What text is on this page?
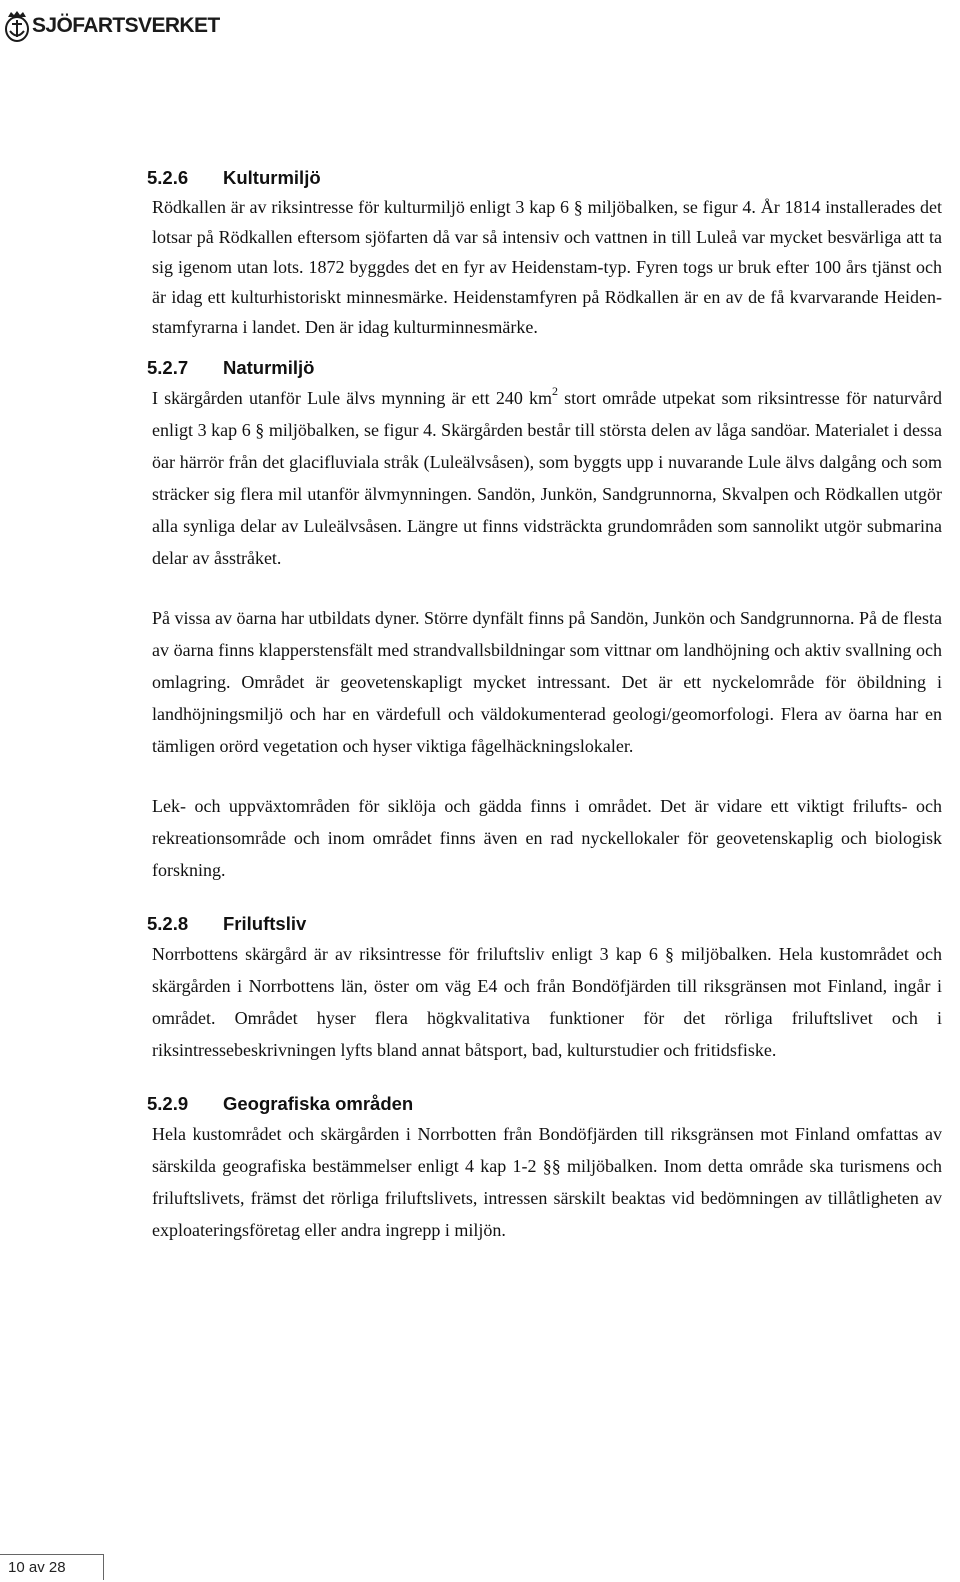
SJÖFARTSVERKET
5.2.6 Kulturmiljö

Rödkallen är av riksintresse för kulturmiljö enligt 3 kap 6 § miljöbalken, se figur 4. År 1814 installerades det lotsar på Rödkallen eftersom sjöfarten då var så intensiv och vattnen in till Luleå var mycket besvärliga att ta sig igenom utan lots. 1872 byggdes det en fyr av Heidenstam-typ. Fyren togs ur bruk efter 100 års tjänst och är idag ett kulturhistoriskt minnesmärke. Heidenstamfyren på Rödkallen är en av de få kvarvarande Heidenstamfyrarna i landet. Den är idag kulturminnesmärke.

5.2.7 Naturmiljö

I skärgården utanför Lule älvs mynning är ett 240 $km^2$ stort område utpekat som riksintresse för naturvård enligt 3 kap 6 § miljöbalken, se figur 4. Skärgården består till största delen av låga sandöar. Materialet i dessa öar härrör från det glacifluviala stråk (Luleälvsåsen), som byggts upp i nuvarande Lule älvs dalgång och som sträcker sig flera mil utanför älvmynningen. Sandön, Junkön, Sandgrunnorna, Skvalpen och Rödkallen utgör alla synliga delar av Luleälvsåsen. Längre ut finns vidsträckta grundområden som sannolikt utgör submarina delar av åsstråket.

På vissa av öarna har utbildats dyner. Större dynfält finns på Sandön, Junkön och Sandgrunnorna. På de flesta av öarna finns klapperstensfält med strandvallsbildningar som vittnar om landhöjning och aktiv svallning och omlagring. Området är geovetenskapligt mycket intressant. Det är ett nyckelområde för öbildning i landhöjningsmiljö och har en värdefull och väldokumenterad geologi/geomorfologi. Flera av öarna har en tämligen orörd vegetation och hyser viktiga fågelhäckningslokaler.

Lek- och uppväxtområden för siklöja och gädda finns i området. Det är vidare ett viktigt frilufts- och rekreationsområde och inom området finns även en rad nyckellokaler för geovetenskaplig och biologisk forskning.

5.2.8 Friluftsliv

Norrbottens skärgård är av riksintresse för friluftsliv enligt 3 kap 6 § miljöbalken. Hela kustområdet och skärgården i Norrbottens län, öster om väg E4 och från Bondöfjärden till riksgränsen mot Finland, ingår i området. Området hyser flera högkvalitativa funktioner för det rörliga friluftslivet och i riksintressebeskrivningen lyfts bland annat båtsport, bad, kulturstudier och fritidsfiske.

5.2.9 Geografiska områden

Hela kustområdet och skärgården i Norrbotten från Bondöfjärden till riksgränsen mot Finland omfattas av särskilda geografiska bestämmelser enligt 4 kap 1-2 §§ miljöbalken. Inom detta område ska turismens och friluftslivets, främst det rörliga friluftslivets, intressen särskilt beaktas vid bedömningen av tillåtligheten av exploateringsföretag eller andra ingrepp i miljön.

10 av 28
